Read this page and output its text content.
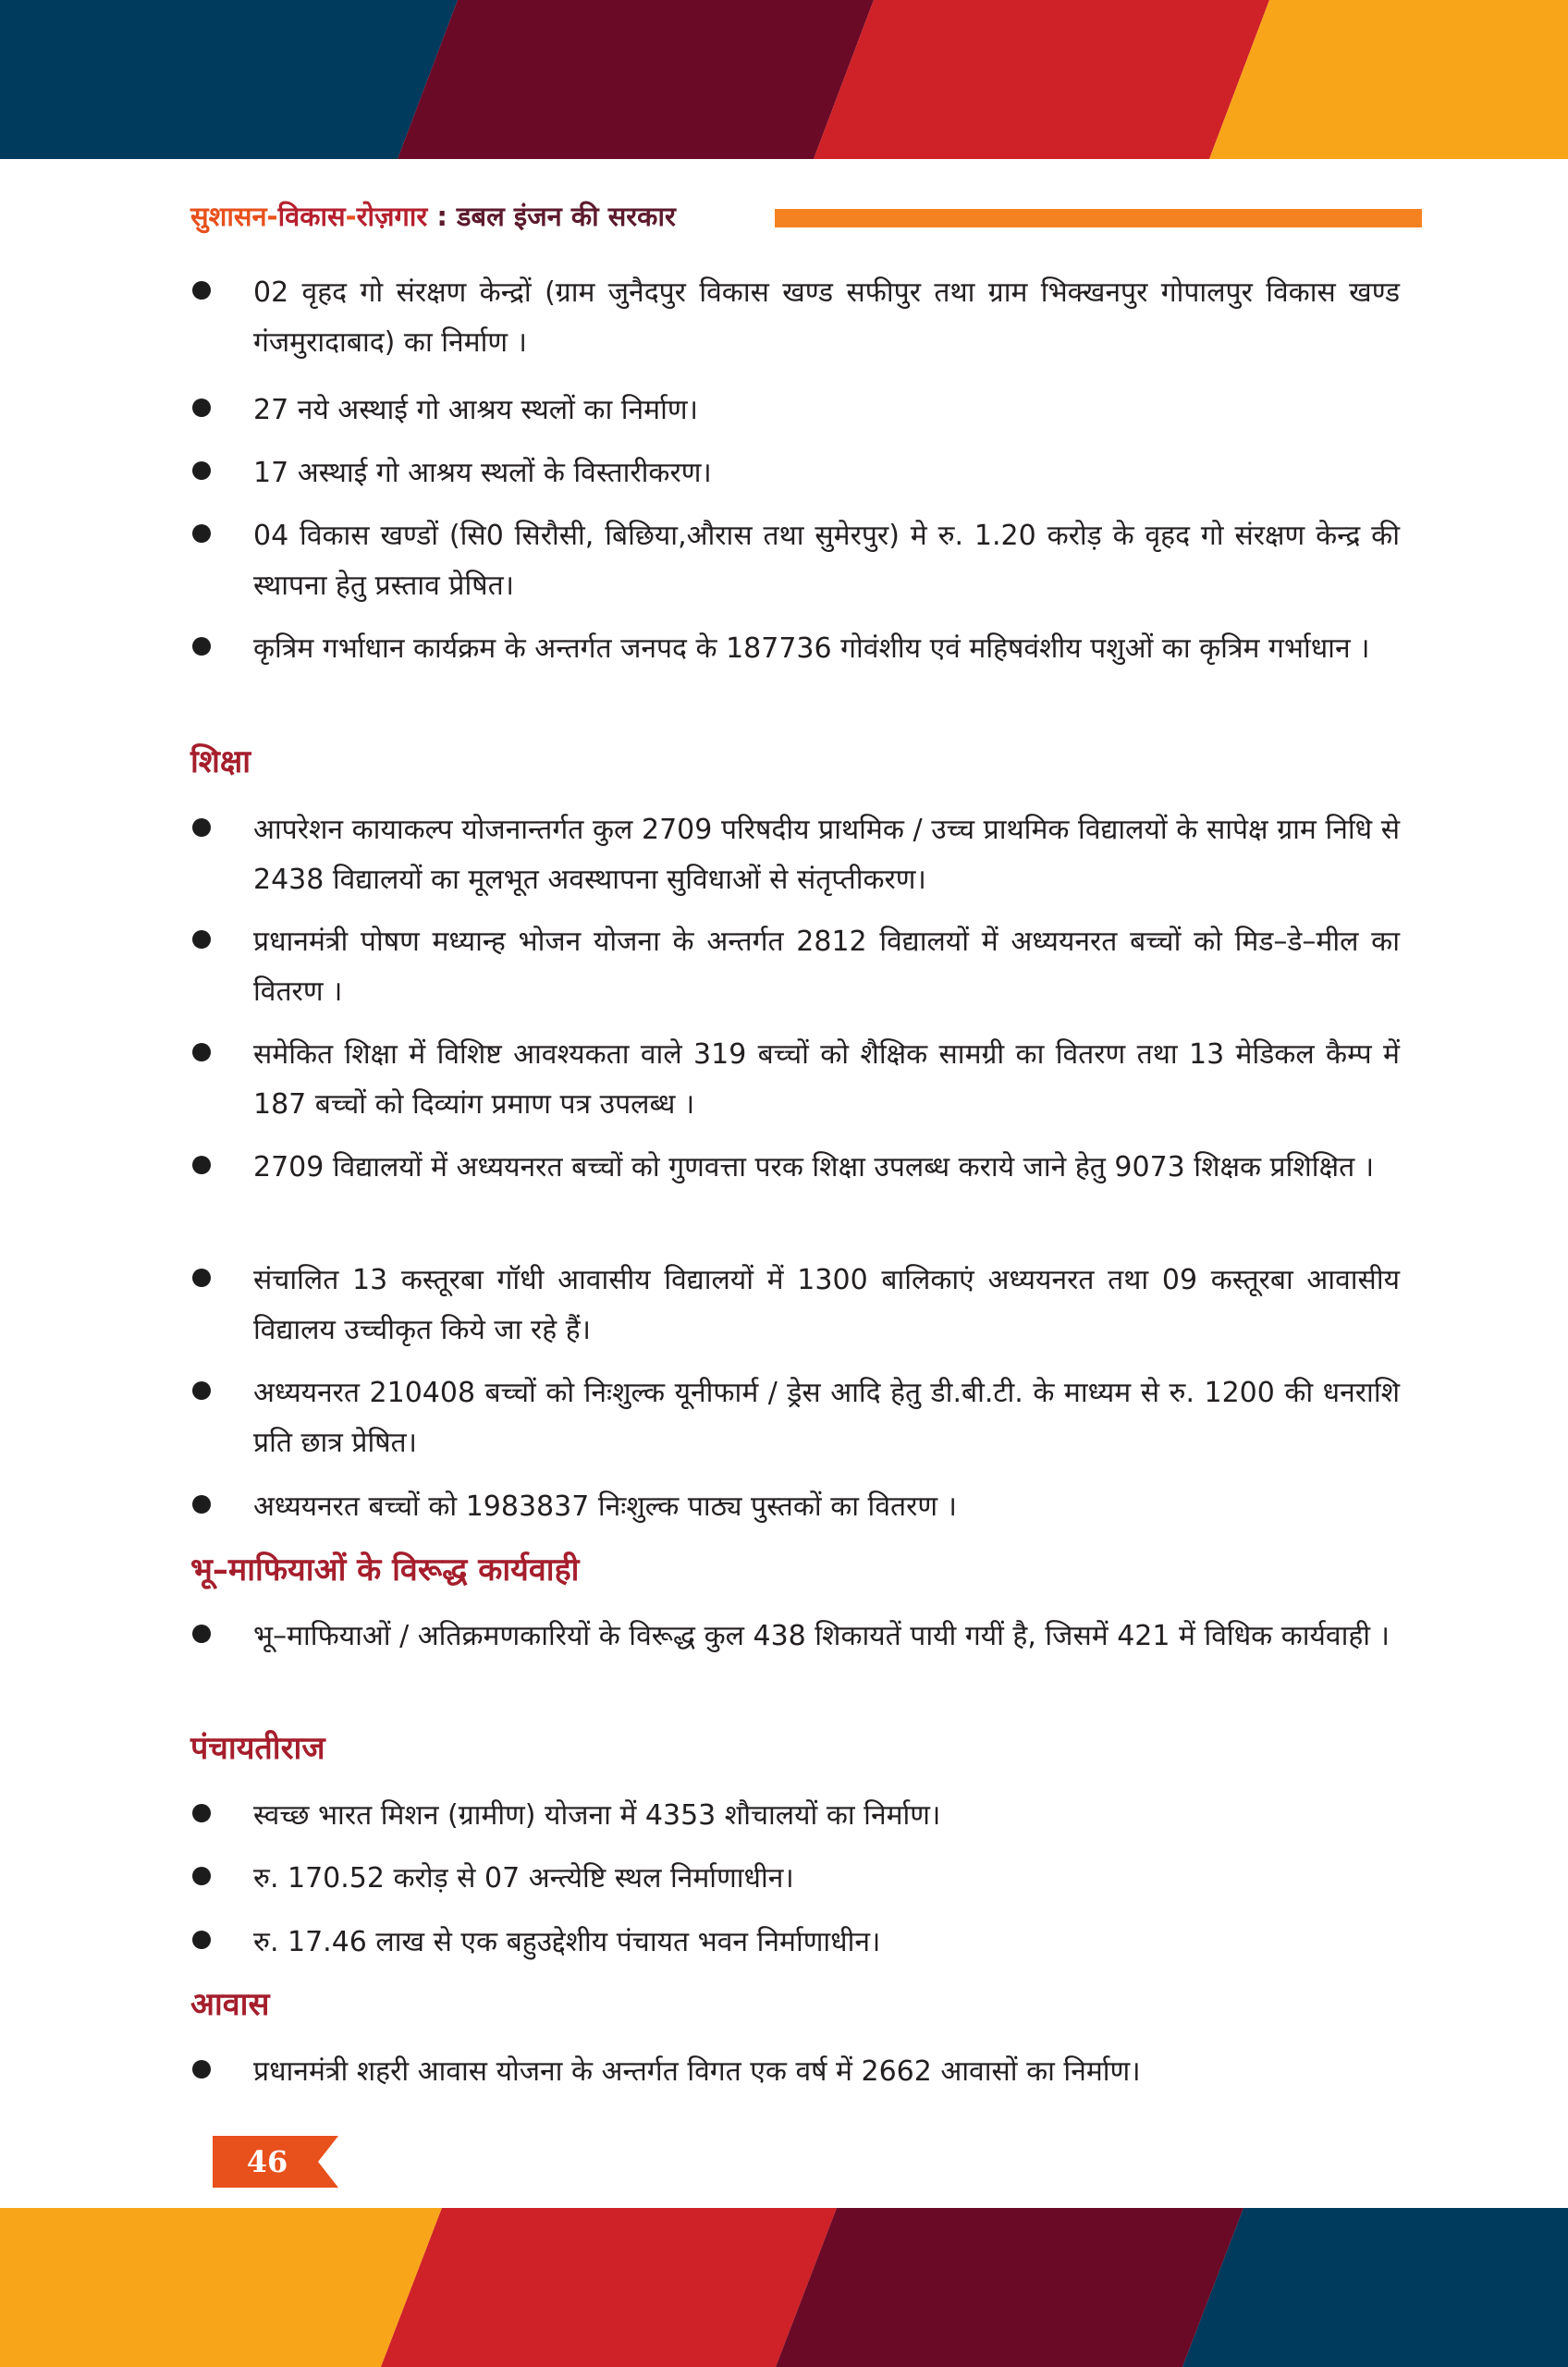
सुशासन-विकास-रोज़गार : डबल इंजन की सरकार
02 वृहद गो संरक्षण केन्द्रों (ग्राम जुनैदपुर विकास खण्ड सफीपुर तथा ग्राम भिक्खनपुर गोपालपुर विकास खण्ड गंजमुरादाबाद) का निर्माण ।
27 नये अस्थाई गो आश्रय स्थलों का निर्माण।
17 अस्थाई गो आश्रय स्थलों के विस्तारीकरण।
04 विकास खण्डों (सि0 सिरौसी, बिछिया,औरास तथा सुमेरपुर) मे रु. 1.20 करोड़ के वृहद गो संरक्षण केन्द्र की स्थापना हेतु प्रस्ताव प्रेषित।
कृत्रिम गर्भाधान कार्यक्रम के अन्तर्गत जनपद के 187736 गोवंशीय एवं महिषवंशीय पशुओं का कृत्रिम गर्भाधान ।
शिक्षा
आपरेशन कायाकल्प योजनान्तर्गत कुल 2709 परिषदीय प्राथमिक / उच्च प्राथमिक विद्यालयों के सापेक्ष ग्राम निधि से 2438 विद्यालयों का मूलभूत अवस्थापना सुविधाओं से संतृप्तीकरण।
प्रधानमंत्री पोषण मध्यान्ह भोजन योजना के अन्तर्गत 2812 विद्यालयों में अध्ययनरत बच्चों को मिड–डे–मील का वितरण ।
समेकित शिक्षा में विशिष्ट आवश्यकता वाले 319 बच्चों को शैक्षिक सामग्री का वितरण तथा 13 मेडिकल कैम्प में 187 बच्चों को दिव्यांग प्रमाण पत्र उपलब्ध ।
2709 विद्यालयों में अध्ययनरत बच्चों को गुणवत्ता परक शिक्षा उपलब्ध कराये जाने हेतु 9073 शिक्षक प्रशिक्षित ।
संचालित 13 कस्तूरबा गॉधी आवासीय विद्यालयों में 1300 बालिकाएं अध्ययनरत तथा 09 कस्तूरबा आवासीय विद्यालय उच्चीकृत किये जा रहे हैं।
अध्ययनरत 210408 बच्चों को निःशुल्क यूनीफार्म / ड्रेस आदि हेतु डी.बी.टी. के माध्यम से रु. 1200 की धनराशि प्रति छात्र प्रेषित।
अध्ययनरत बच्चों को 1983837 निःशुल्क पाठ्य पुस्तकों का वितरण ।
भू–माफियाओं के विरूद्ध कार्यवाही
भू–माफियाओं / अतिक्रमणकारियों के विरूद्ध कुल 438 शिकायतें पायी गयीं है, जिसमें 421 में विधिक कार्यवाही ।
पंचायतीराज
स्वच्छ भारत मिशन (ग्रामीण) योजना में 4353 शौचालयों का निर्माण।
रु. 170.52 करोड़ से 07 अन्त्येष्टि स्थल निर्माणाधीन।
रु. 17.46 लाख से एक बहुउद्देशीय पंचायत भवन निर्माणाधीन।
आवास
प्रधानमंत्री शहरी आवास योजना के अन्तर्गत विगत एक वर्ष में 2662 आवासों का निर्माण।
46
